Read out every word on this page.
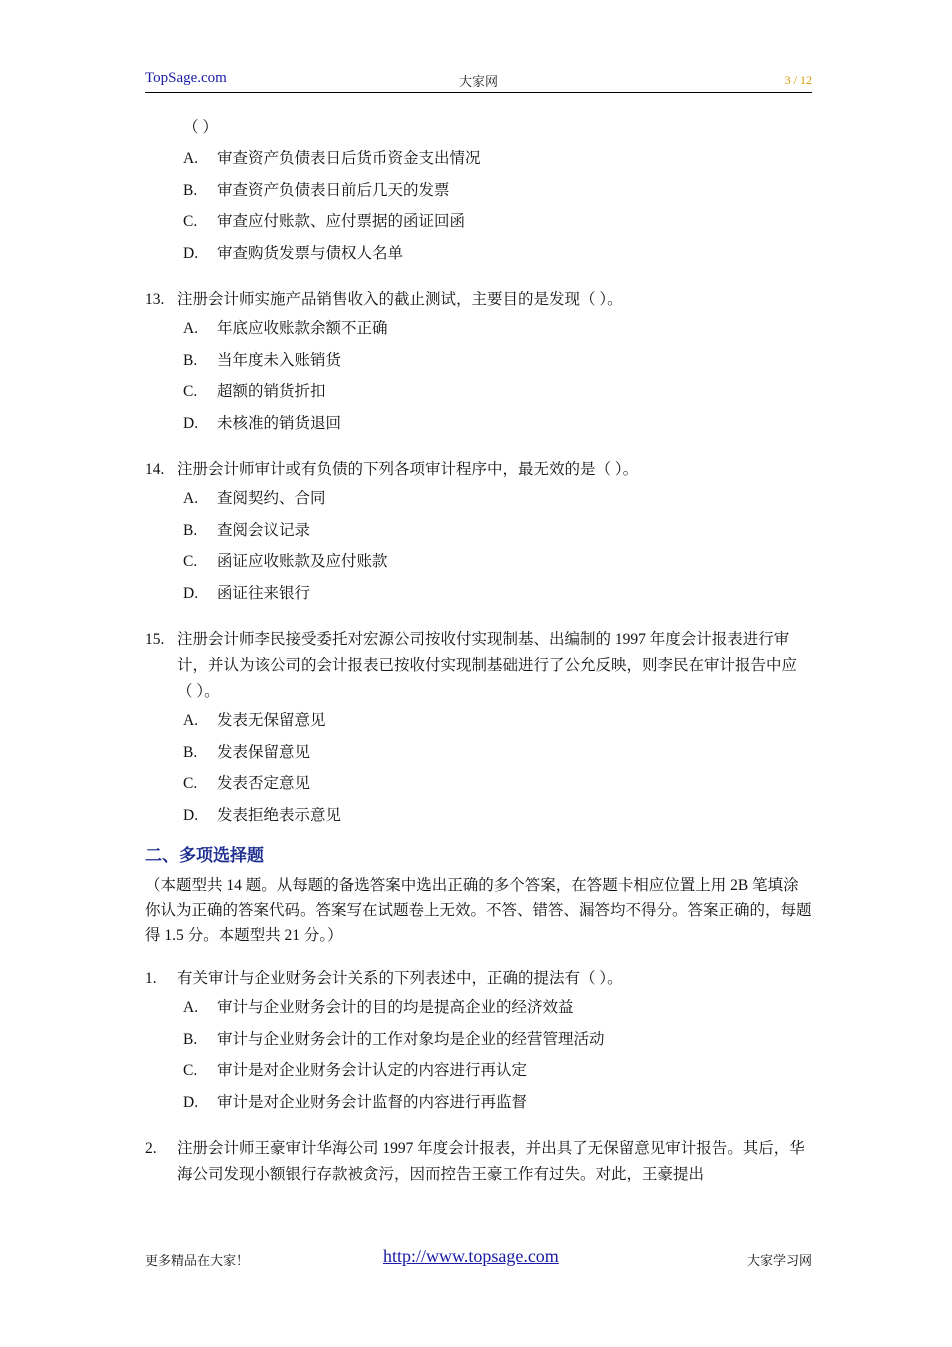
TopSage.com	大家网	3 / 12
（ ）
A.	审查资产负债表日后货币资金支出情况
B.	审查资产负债表日前后几天的发票
C.	审查应付账款、应付票据的函证回函
D.	审查购货发票与债权人名单
13. 注册会计师实施产品销售收入的截止测试，主要目的是发现（ ）。
A.	年底应收账款余额不正确
B.	当年度未入账销货
C.	超额的销货折扣
D.	未核准的销货退回
14. 注册会计师审计或有负债的下列各项审计程序中，最无效的是（ ）。
A.	查阅契约、合同
B.	查阅会议记录
C.	函证应收账款及应付账款
D.	函证往来银行
15. 注册会计师李民接受委托对宏源公司按收付实现制基、出编制的 1997 年度会计报表进行审计，并认为该公司的会计报表已按收付实现制基础进行了公允反映，则李民在审计报告中应（ ）。
A.	发表无保留意见
B.	发表保留意见
C.	发表否定意见
D.	发表拒绝表示意见
二、多项选择题
（本题型共 14 题。从每题的备选答案中选出正确的多个答案，在答题卡相应位置上用 2B 笔填涂你认为正确的答案代码。答案写在试题卷上无效。不答、错答、漏答均不得分。答案正确的，每题得 1.5 分。本题型共 21 分。）
1.	有关审计与企业财务会计关系的下列表述中，正确的提法有（ ）。
A.	审计与企业财务会计的目的均是提高企业的经济效益
B.	审计与企业财务会计的工作对象均是企业的经营管理活动
C.	审计是对企业财务会计认定的内容进行再认定
D.	审计是对企业财务会计监督的内容进行再监督
2.	注册会计师王豪审计华海公司 1997 年度会计报表，并出具了无保留意见审计报告。其后，华海公司发现小额银行存款被贪污，因而控告王豪工作有过失。对此，王豪提出
更多精品在大家！	http://www.topsage.com	大家学习网
